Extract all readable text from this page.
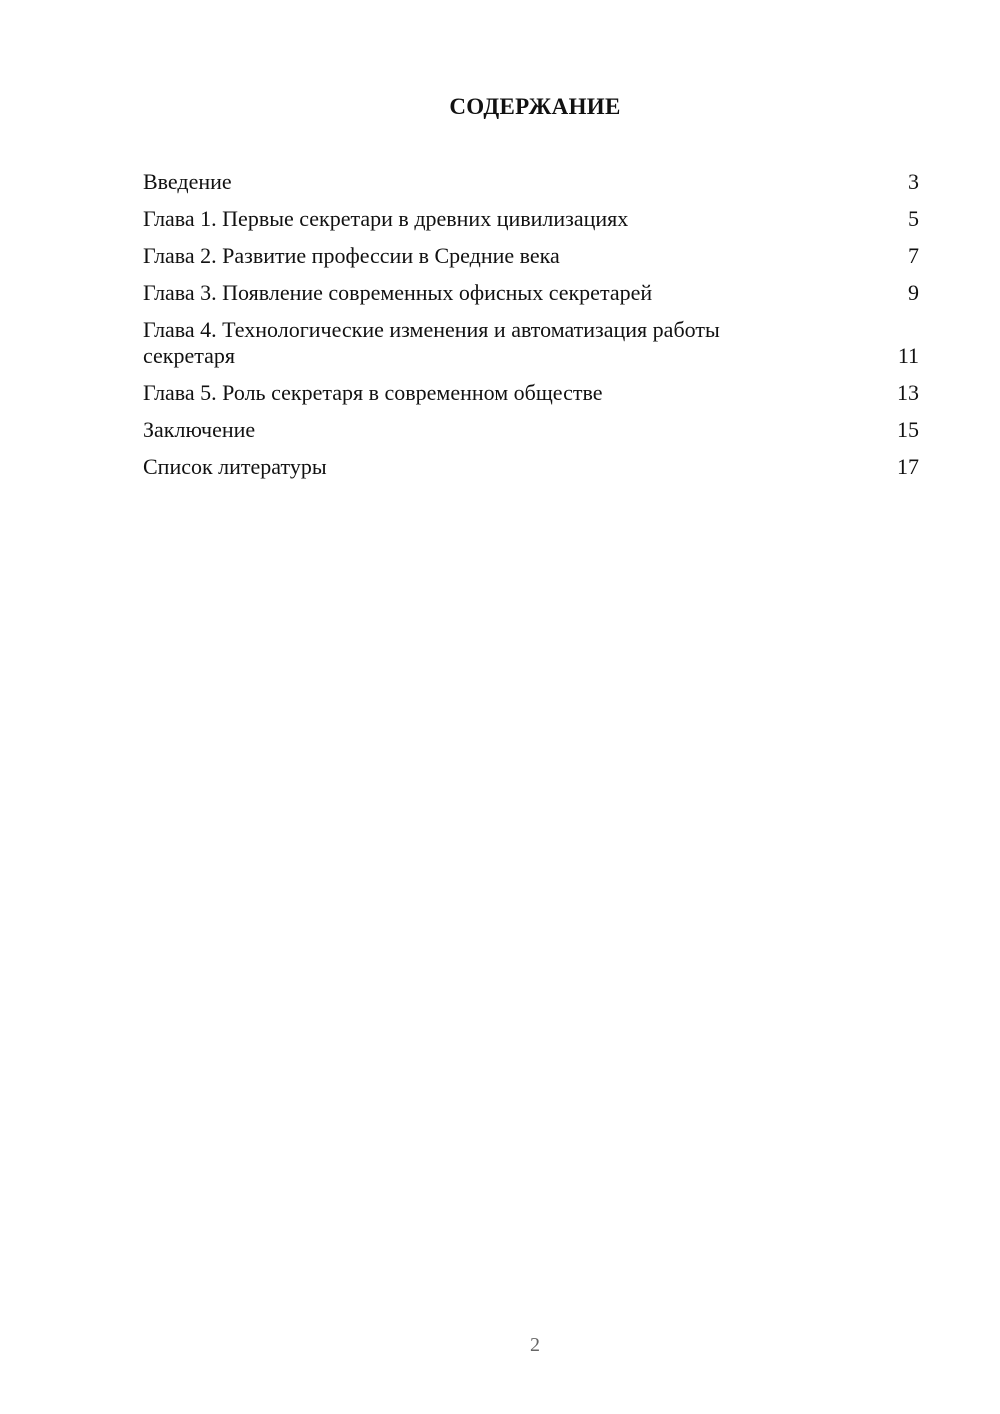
СОДЕРЖАНИЕ
Введение	3
Глава 1. Первые секретари в древних цивилизациях	5
Глава 2. Развитие профессии в Средние века	7
Глава 3. Появление современных офисных секретарей	9
Глава 4. Технологические изменения и автоматизация работы
секретаря	11
Глава 5. Роль секретаря в современном обществе	13
Заключение	15
Список литературы	17
2
